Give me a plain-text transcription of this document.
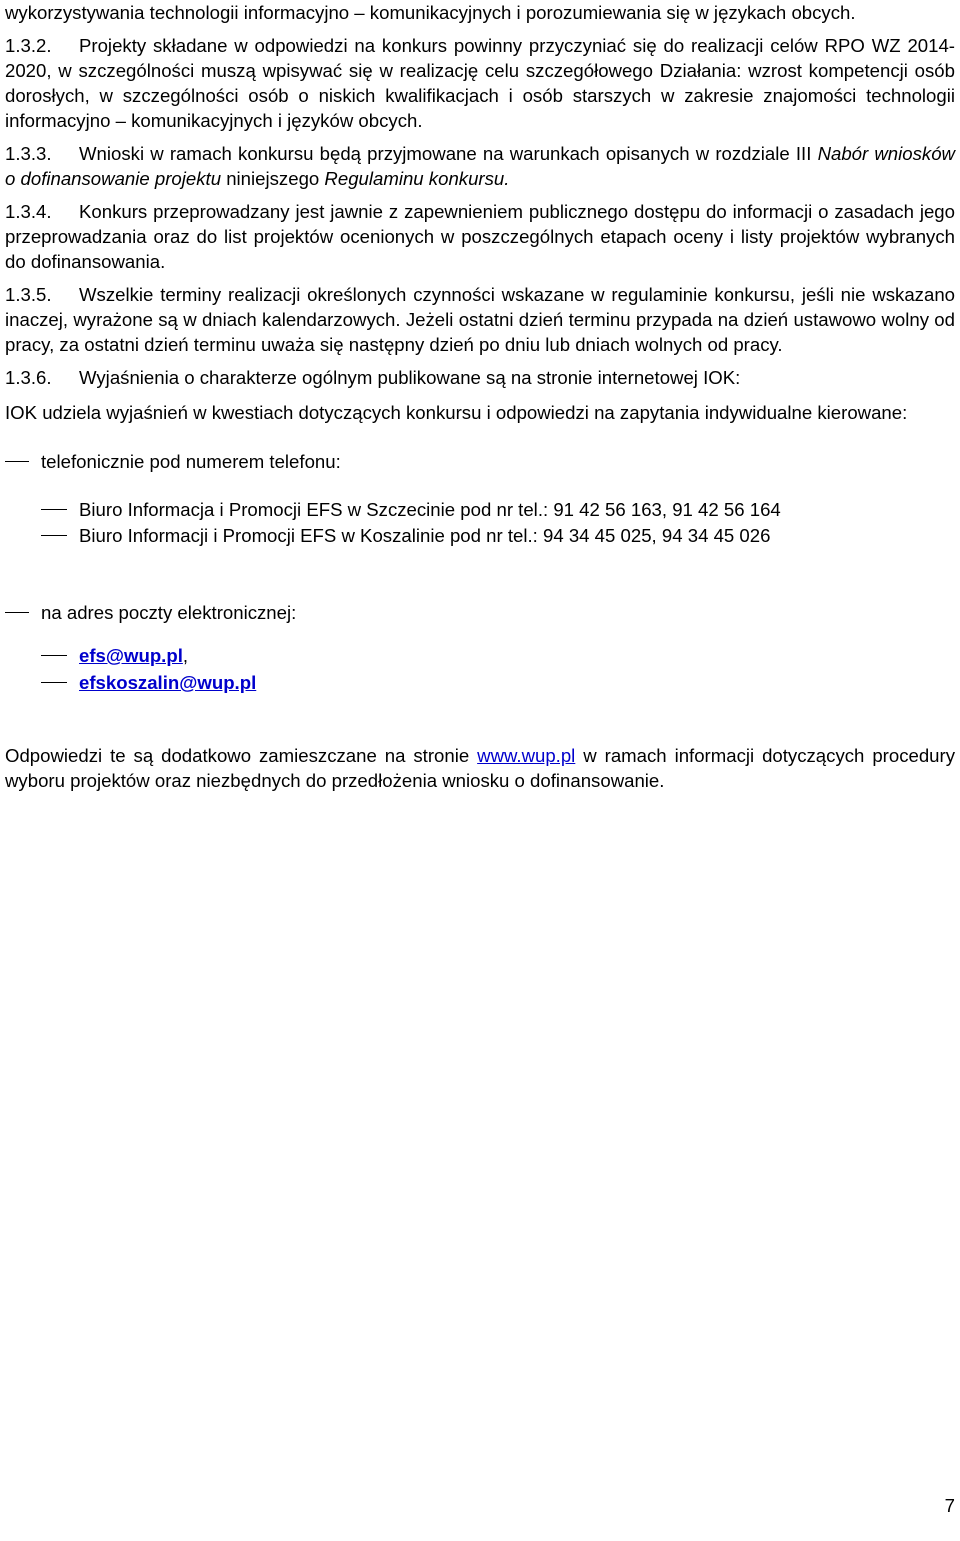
wykorzystywania technologii informacyjno – komunikacyjnych i porozumiewania się w językach obcych.

1.3.2. Projekty składane w odpowiedzi na konkurs powinny przyczyniać się do realizacji celów RPO WZ 2014-2020, w szczególności muszą wpisywać się w realizację celu szczegółowego Działania: wzrost kompetencji osób dorosłych, w szczególności osób o niskich kwalifikacjach i osób starszych w zakresie znajomości technologii informacyjno – komunikacyjnych i języków obcych.

1.3.3. Wnioski w ramach konkursu będą przyjmowane na warunkach opisanych w rozdziale III Nabór wniosków o dofinansowanie projektu niniejszego Regulaminu konkursu.

1.3.4. Konkurs przeprowadzany jest jawnie z zapewnieniem publicznego dostępu do informacji o zasadach jego przeprowadzania oraz do list projektów ocenionych w poszczególnych etapach oceny i listy projektów wybranych do dofinansowania.

1.3.5. Wszelkie terminy realizacji określonych czynności wskazane w regulaminie konkursu, jeśli nie wskazano inaczej, wyrażone są w dniach kalendarzowych. Jeżeli ostatni dzień terminu przypada na dzień ustawowo wolny od pracy, za ostatni dzień terminu uważa się następny dzień po dniu lub dniach wolnych od pracy.

1.3.6. Wyjaśnienia o charakterze ogólnym publikowane są na stronie internetowej IOK:

IOK udziela wyjaśnień w kwestiach dotyczących konkursu i odpowiedzi na zapytania indywidualne kierowane:

telefonicznie pod numerem telefonu:
Biuro Informacja i Promocji EFS w Szczecinie pod nr tel.: 91 42 56 163, 91 42 56 164
Biuro Informacji i Promocji EFS w Koszalinie pod nr tel.: 94 34 45 025, 94 34 45 026
na adres poczty elektronicznej:
efs@wup.pl,
efskoszalin@wup.pl

Odpowiedzi te są dodatkowo zamieszczane na stronie www.wup.pl w ramach informacji dotyczących procedury wyboru projektów oraz niezbędnych do przedłożenia wniosku o dofinansowanie.

7
